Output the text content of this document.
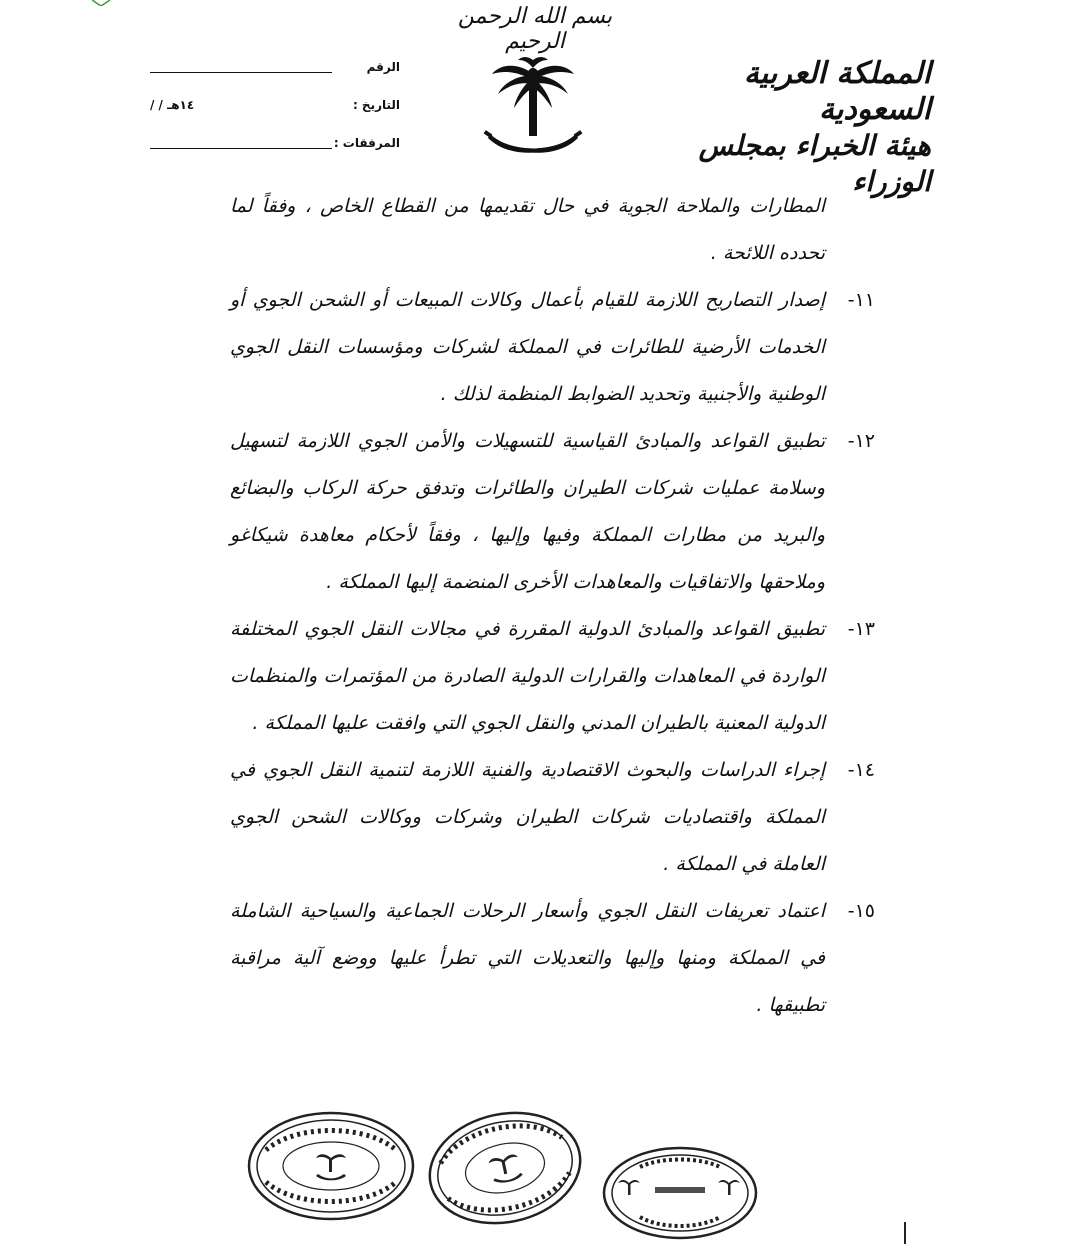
بسم الله الرحمن الرحيم
المملكة العربية السعودية
هيئة الخبراء بمجلس الوزراء
الرقم
التاريخ :
/ / ١٤هـ
المرفقات :

المطارات والملاحة الجوية في حال تقديمها من القطاع الخاص ، وفقاً لما تحدده اللائحة .

١١-
إصدار التصاريح اللازمة للقيام بأعمال وكالات المبيعات أو الشحن الجوي أو الخدمات الأرضية للطائرات في المملكة لشركات ومؤسسات النقل الجوي الوطنية والأجنبية وتحديد الضوابط المنظمة لذلك .
١٢-
تطبيق القواعد والمبادئ القياسية للتسهيلات والأمن الجوي اللازمة لتسهيل وسلامة عمليات شركات الطيران والطائرات وتدفق حركة الركاب والبضائع والبريد من مطارات المملكة وفيها وإليها ، وفقاً لأحكام معاهدة شيكاغو وملاحقها والاتفاقيات والمعاهدات الأخرى المنضمة إليها المملكة .
١٣-
تطبيق القواعد والمبادئ الدولية المقررة في مجالات النقل الجوي المختلفة الواردة في المعاهدات والقرارات الدولية الصادرة من المؤتمرات والمنظمات الدولية المعنية بالطيران المدني والنقل الجوي التي وافقت عليها المملكة .
١٤-
إجراء الدراسات والبحوث الاقتصادية والفنية اللازمة لتنمية النقل الجوي في المملكة واقتصاديات شركات الطيران وشركات ووكالات الشحن الجوي العاملة في المملكة .
١٥-
اعتماد تعريفات النقل الجوي وأسعار الرحلات الجماعية والسياحية الشاملة في المملكة ومنها وإليها والتعديلات التي تطرأ عليها ووضع آلية مراقبة تطبيقها .
